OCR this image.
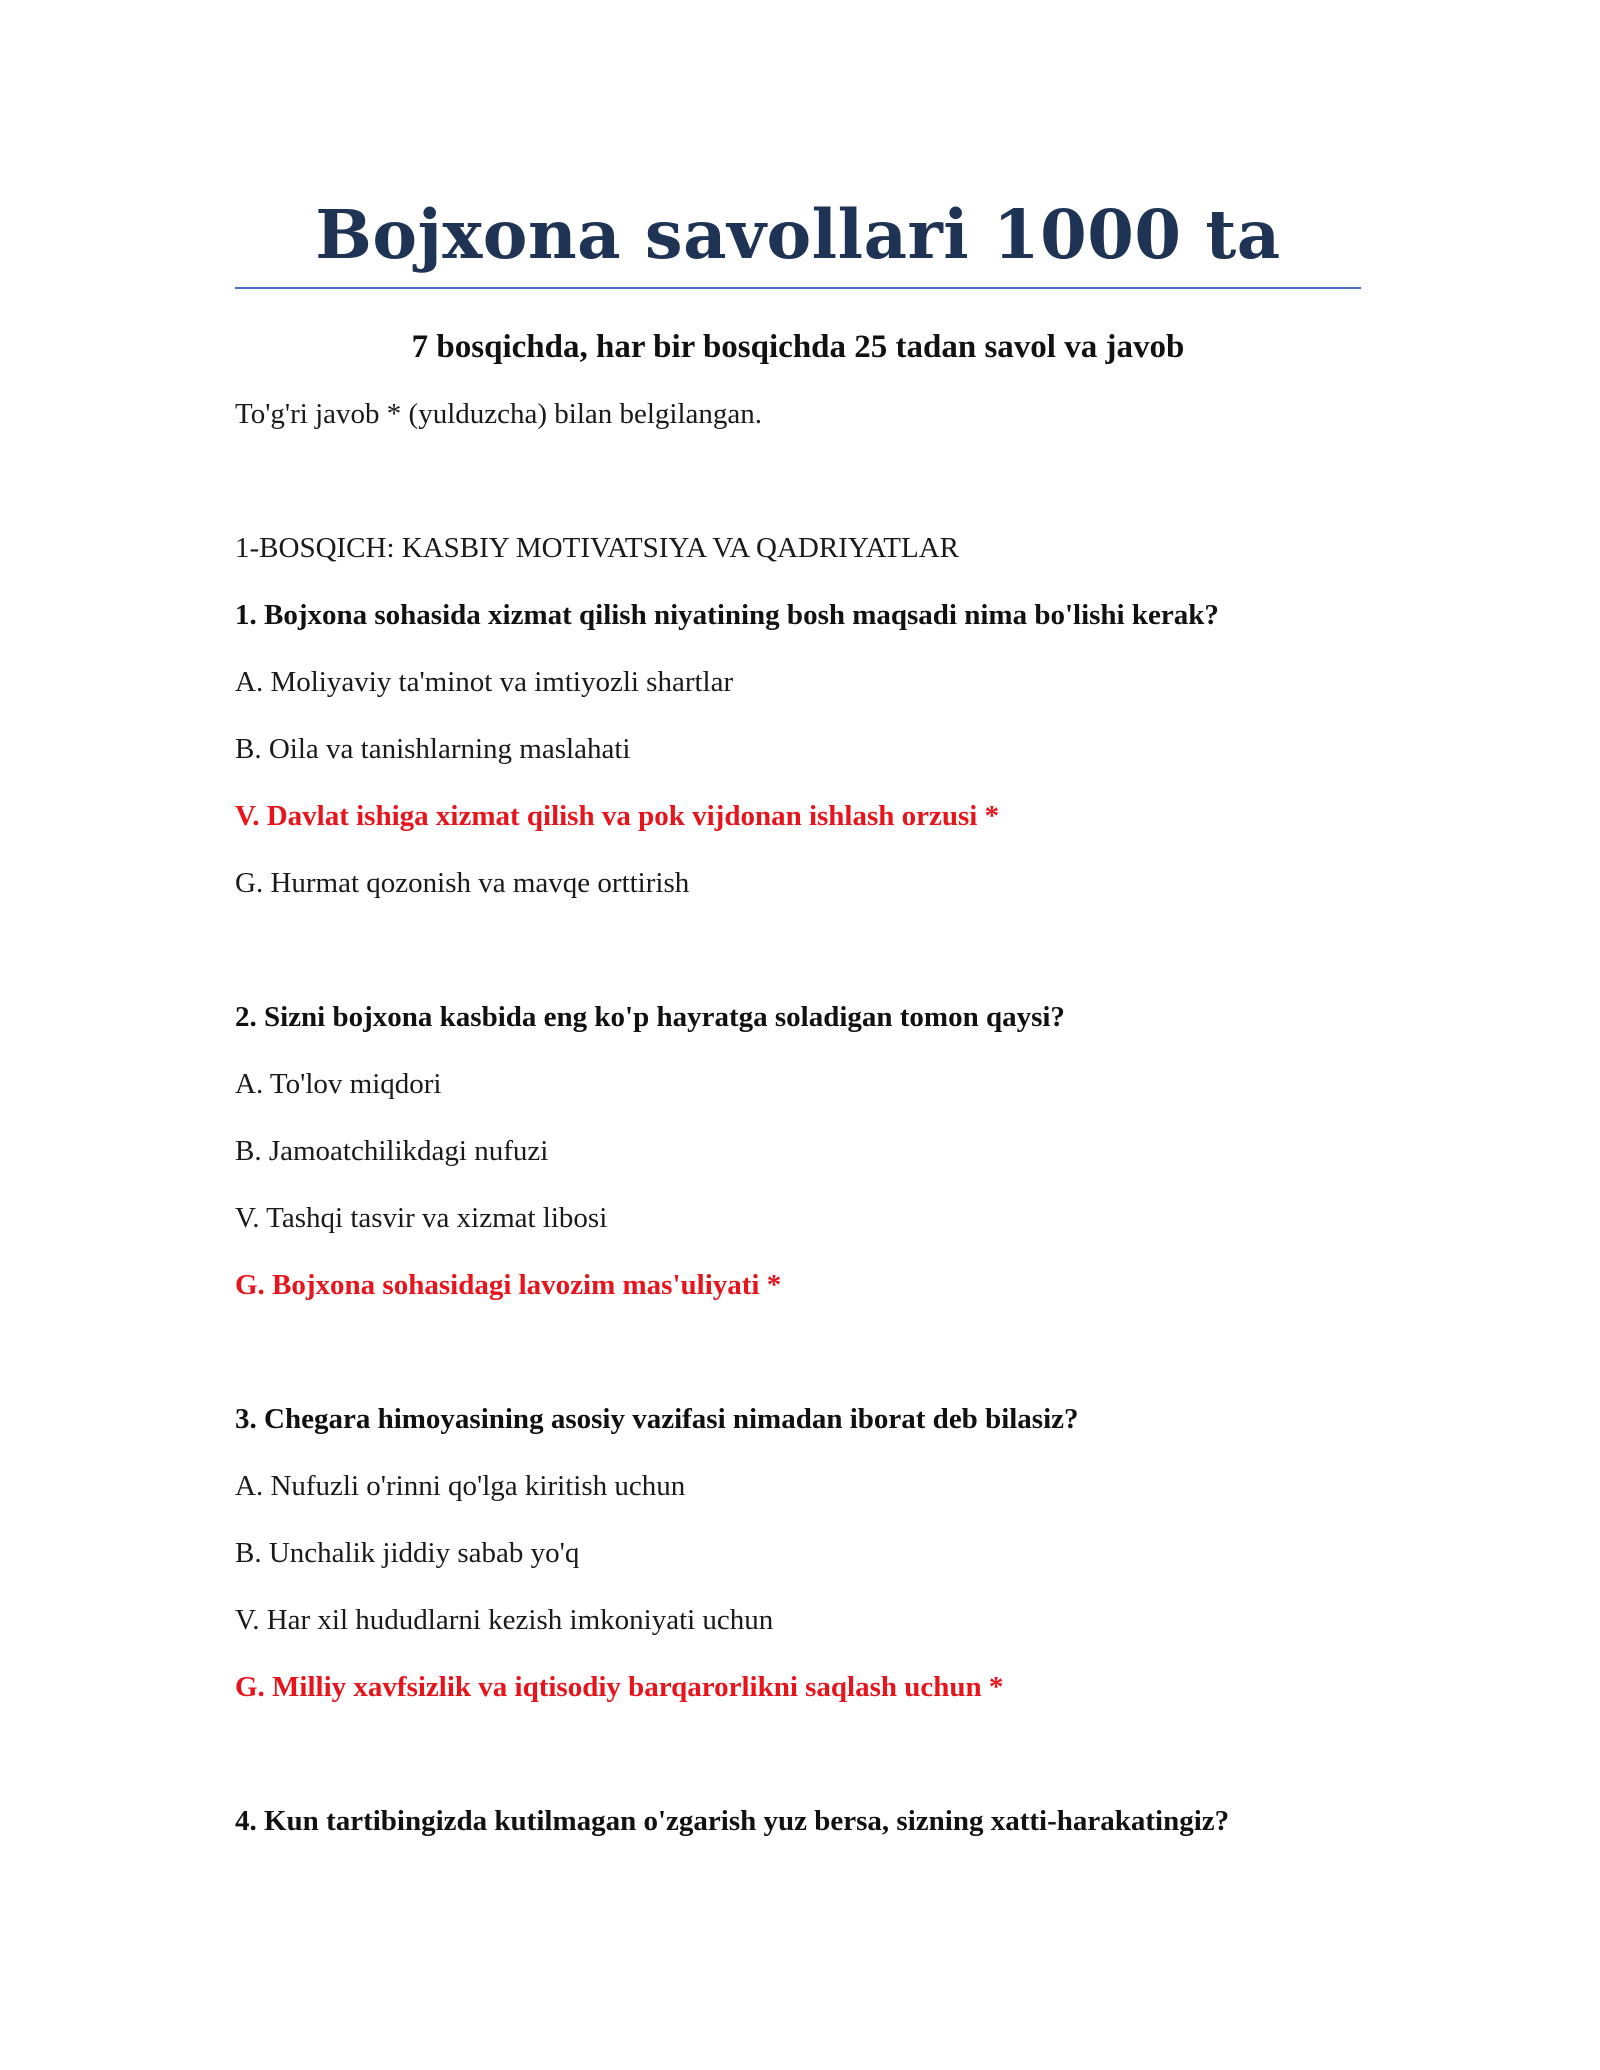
Bojxona savollari 1000 ta

7 bosqichda, har bir bosqichda 25 tadan savol va javob

To'g'ri javob * (yulduzcha) bilan belgilangan.

1-BOSQICH: KASBIY MOTIVATSIYA VA QADRIYATLAR

1. Bojxona sohasida xizmat qilish niyatining bosh maqsadi nima bo'lishi kerak?

A. Moliyaviy ta'minot va imtiyozli shartlar

B. Oila va tanishlarning maslahati

V. Davlat ishiga xizmat qilish va pok vijdonan ishlash orzusi *

G. Hurmat qozonish va mavqe orttirish

2. Sizni bojxona kasbida eng ko'p hayratga soladigan tomon qaysi?

A. To'lov miqdori

B. Jamoatchilikdagi nufuzi

V. Tashqi tasvir va xizmat libosi

G. Bojxona sohasidagi lavozim mas'uliyati *

3. Chegara himoyasining asosiy vazifasi nimadan iborat deb bilasiz?

A. Nufuzli o'rinni qo'lga kiritish uchun

B. Unchalik jiddiy sabab yo'q

V. Har xil hududlarni kezish imkoniyati uchun

G. Milliy xavfsizlik va iqtisodiy barqarorlikni saqlash uchun *

4. Kun tartibingizda kutilmagan o'zgarish yuz bersa, sizning xatti-harakatingiz?
